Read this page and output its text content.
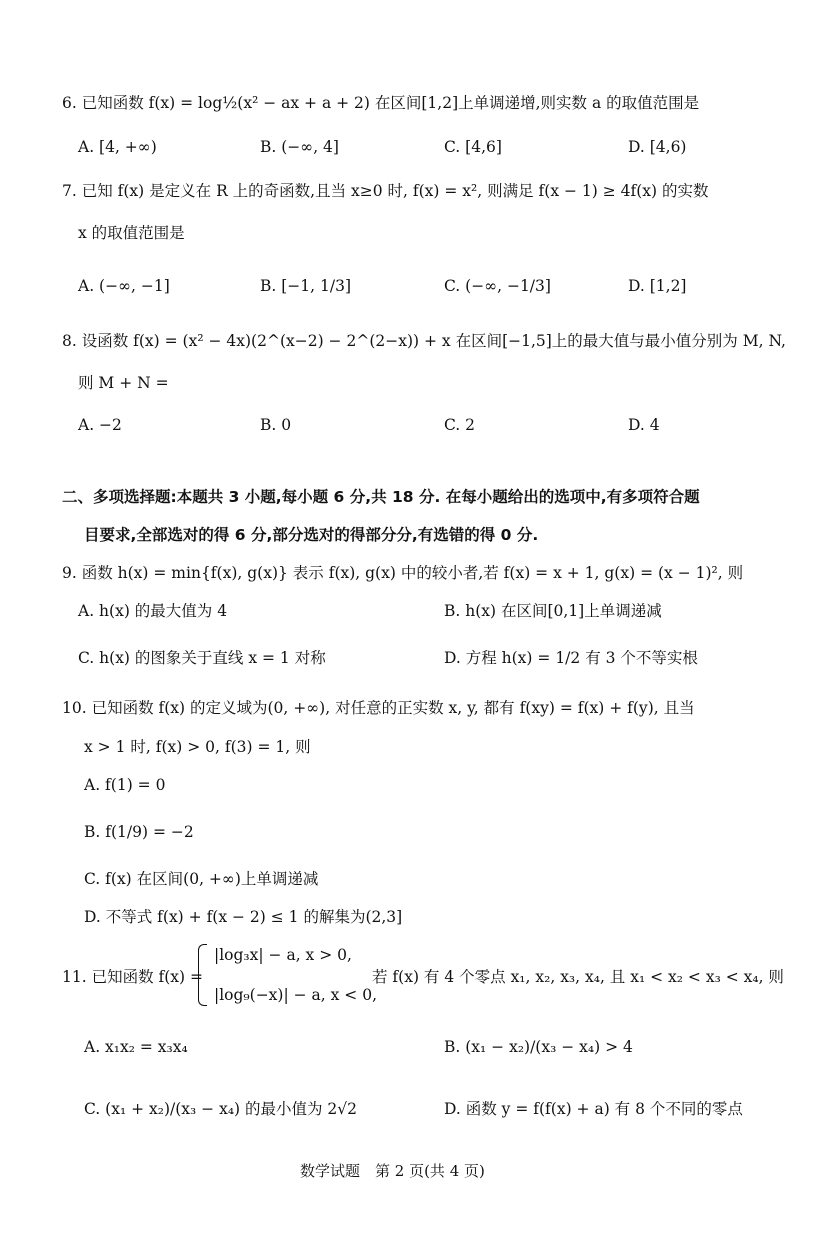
6. 已知函数 f(x) = log½(x² − ax + a + 2) 在区间[1,2]上单调递增,则实数 a 的取值范围是
A. [4, +∞)	B. (−∞, 4]	C. [4,6]	D. [4,6)
7. 已知 f(x) 是定义在 R 上的奇函数,且当 x≥0 时, f(x) = x², 则满足 f(x − 1) ≥ 4f(x) 的实数
x 的取值范围是
A. (−∞, −1]	B. [−1, 1/3]	C. (−∞, −1/3]	D. [1,2]
8. 设函数 f(x) = (x² − 4x)(2^(x−2) − 2^(2−x)) + x 在区间[−1,5]上的最大值与最小值分别为 M, N,
则 M + N =
A. −2	B. 0	C. 2	D. 4
二、多项选择题:本题共 3 小题,每小题 6 分,共 18 分. 在每小题给出的选项中,有多项符合题
目要求,全部选对的得 6 分,部分选对的得部分分,有选错的得 0 分.
9. 函数 h(x) = min{f(x), g(x)} 表示 f(x), g(x) 中的较小者,若 f(x) = x + 1, g(x) = (x − 1)², 则
A. h(x) 的最大值为 4	B. h(x) 在区间[0,1]上单调递减
C. h(x) 的图象关于直线 x = 1 对称	D. 方程 h(x) = 1/2 有 3 个不等实根
10. 已知函数 f(x) 的定义域为(0, +∞), 对任意的正实数 x, y, 都有 f(xy) = f(x) + f(y), 且当
x > 1 时, f(x) > 0, f(3) = 1, 则
A. f(1) = 0
B. f(1/9) = −2
C. f(x) 在区间(0, +∞)上单调递减
D. 不等式 f(x) + f(x − 2) ≤ 1 的解集为(2,3]
11. 已知函数 f(x) =
|log₃x| − a, x > 0,
|log₉(−x)| − a, x < 0,
若 f(x) 有 4 个零点 x₁, x₂, x₃, x₄, 且 x₁ < x₂ < x₃ < x₄, 则
A. x₁x₂ = x₃x₄	B. (x₁ − x₂)/(x₃ − x₄) > 4
C. (x₁ + x₂)/(x₃ − x₄) 的最小值为 2√2	D. 函数 y = f(f(x) + a) 有 8 个不同的零点
数学试题　第 2 页(共 4 页)
